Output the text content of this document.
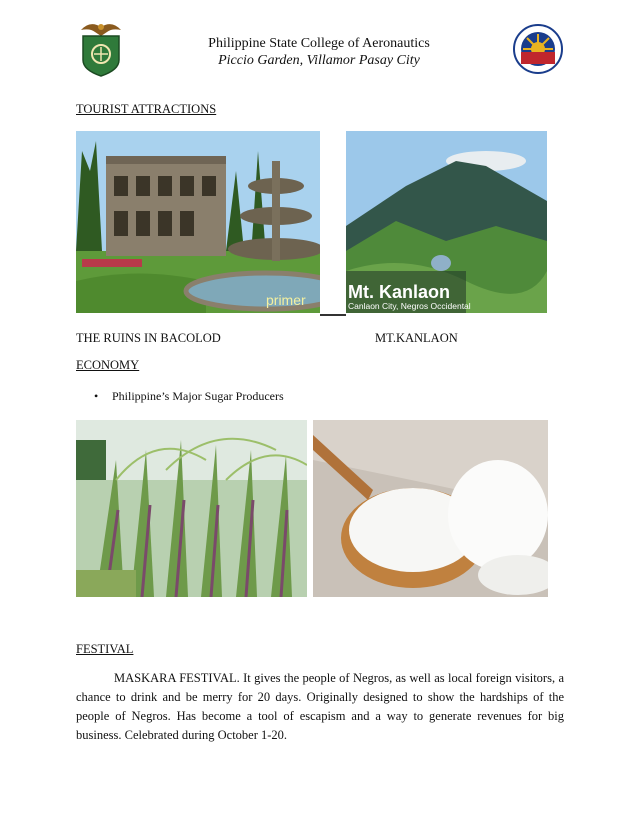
Philippine State College of Aeronautics
Piccio Garden, Villamor Pasay City
TOURIST ATTRACTIONS
primer Mt. Kanlaon
Canlaon City, Negros Occidental
THE RUINS IN BACOLOD	MT.KANLAON
ECONOMY
• Philippine’s Major Sugar Producers
FESTIVAL

MASKARA FESTIVAL. It gives the people of Negros, as well as local foreign visitors, a chance to drink and be merry for 20 days. Originally designed to show the hardships of the people of Negros. Has become a tool of escapism and a way to generate revenues for big business. Celebrated during October 1-20.
